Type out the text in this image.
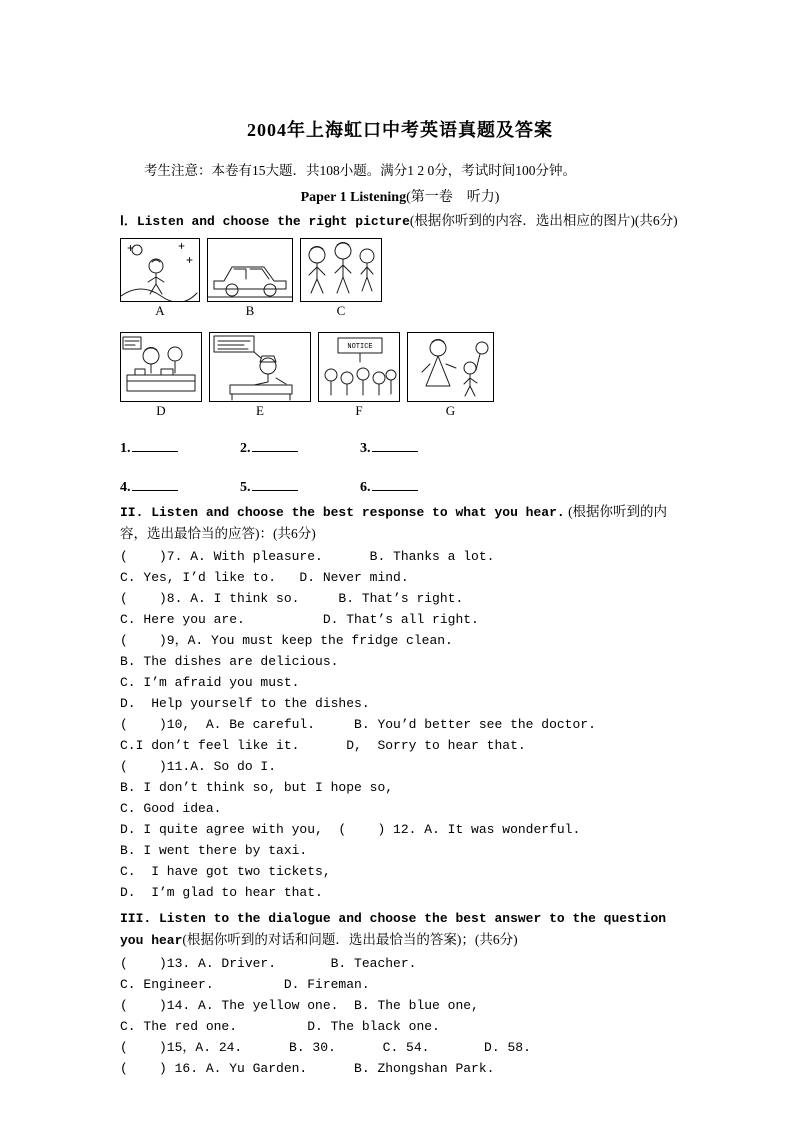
2004年上海虹口中考英语真题及答案

考生注意：本卷有15大题．共108小题。满分1 2 0分，考试时间100分钟。

Paper 1 Listening(第一卷　听力)

Ⅰ．Listen and choose the right picture(根据你听到的内容．选出相应的图片)(共6分)

A	B	C
D	E
NOTICE
F	G
1.	2.	3.
4.	5.	6.

II. Listen and choose the best response to what you hear. (根据你听到的内容，选出最恰当的应答)：(共6分)

(    )7. A. With pleasure.      B. Thanks a lot.
C. Yes, I’d like to.   D. Never mind.
(    )8. A. I think so.     B. That’s right.
C. Here you are.          D. That’s all right.
(    )9，A. You must keep the fridge clean.
B. The dishes are delicious.
C. I’m afraid you must.
D.  Help yourself to the dishes.
(    )10,  A. Be careful.     B. You’d better see the doctor.
C.I don’t feel like it.      D,  Sorry to hear that.
(    )11.A. So do I.
B. I don’t think so, but I hope so,
C. Good idea.
D. I quite agree with you,  (    ) 12. A. It was wonderful.
B. I went there by taxi.
C.  I have got two tickets,
D.  I’m glad to hear that.

III. Listen to the dialogue and choose the best answer to the question you hear(根据你听到的对话和问题．选出最恰当的答案)；(共6分)

(    )13. A. Driver.       B. Teacher.
C. Engineer.         D. Fireman.
(    )14. A. The yellow one.  B. The blue one,
C. The red one.         D. The black one.
(    )15，A. 24.      B. 30.      C. 54.       D. 58.
(    ) 16. A. Yu Garden.      B. Zhongshan Park.
